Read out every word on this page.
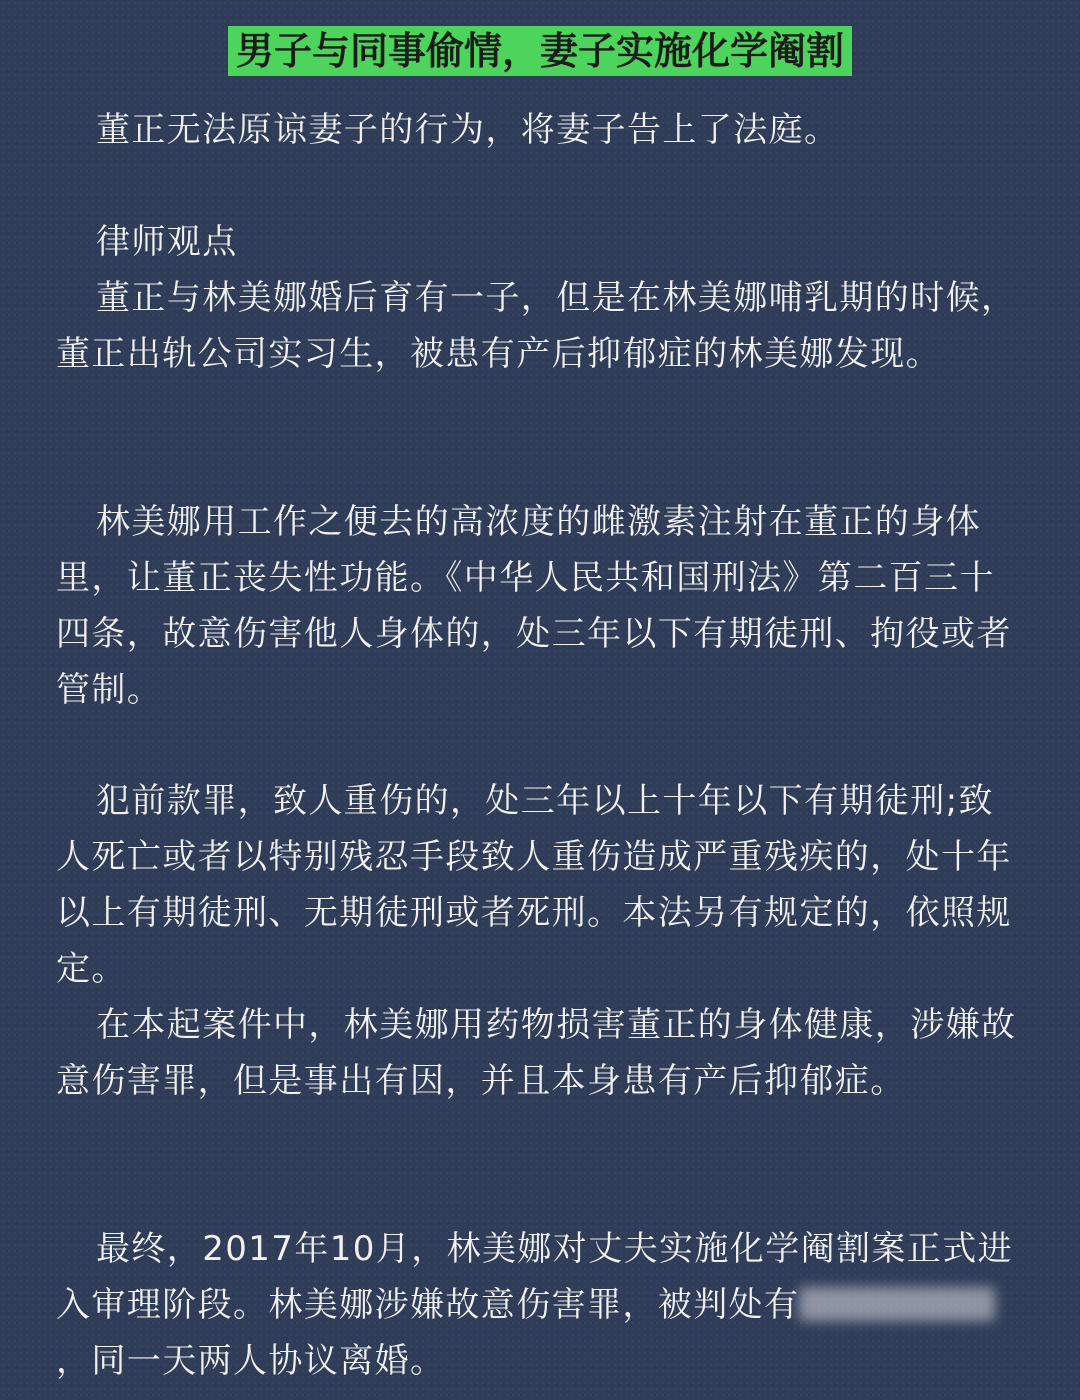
男子与同事偷情，妻子实施化学阉割

董正无法原谅妻子的行为，将妻子告上了法庭。

律师观点

董正与林美娜婚后育有一子，但是在林美娜哺乳期的时候，董正出轨公司实习生，被患有产后抑郁症的林美娜发现。

林美娜用工作之便去的高浓度的雌激素注射在董正的身体里，让董正丧失性功能。《中华人民共和国刑法》第二百三十四条，故意伤害他人身体的，处三年以下有期徒刑、拘役或者管制。

犯前款罪，致人重伤的，处三年以上十年以下有期徒刑;致人死亡或者以特别残忍手段致人重伤造成严重残疾的，处十年以上有期徒刑、无期徒刑或者死刑。本法另有规定的，依照规定。

在本起案件中，林美娜用药物损害董正的身体健康，涉嫌故意伤害罪，但是事出有因，并且本身患有产后抑郁症。

最终，2017年10月，林美娜对丈夫实施化学阉割案正式进入审理阶段。林美娜涉嫌故意伤害罪，被判处有，同一天两人协议离婚。
